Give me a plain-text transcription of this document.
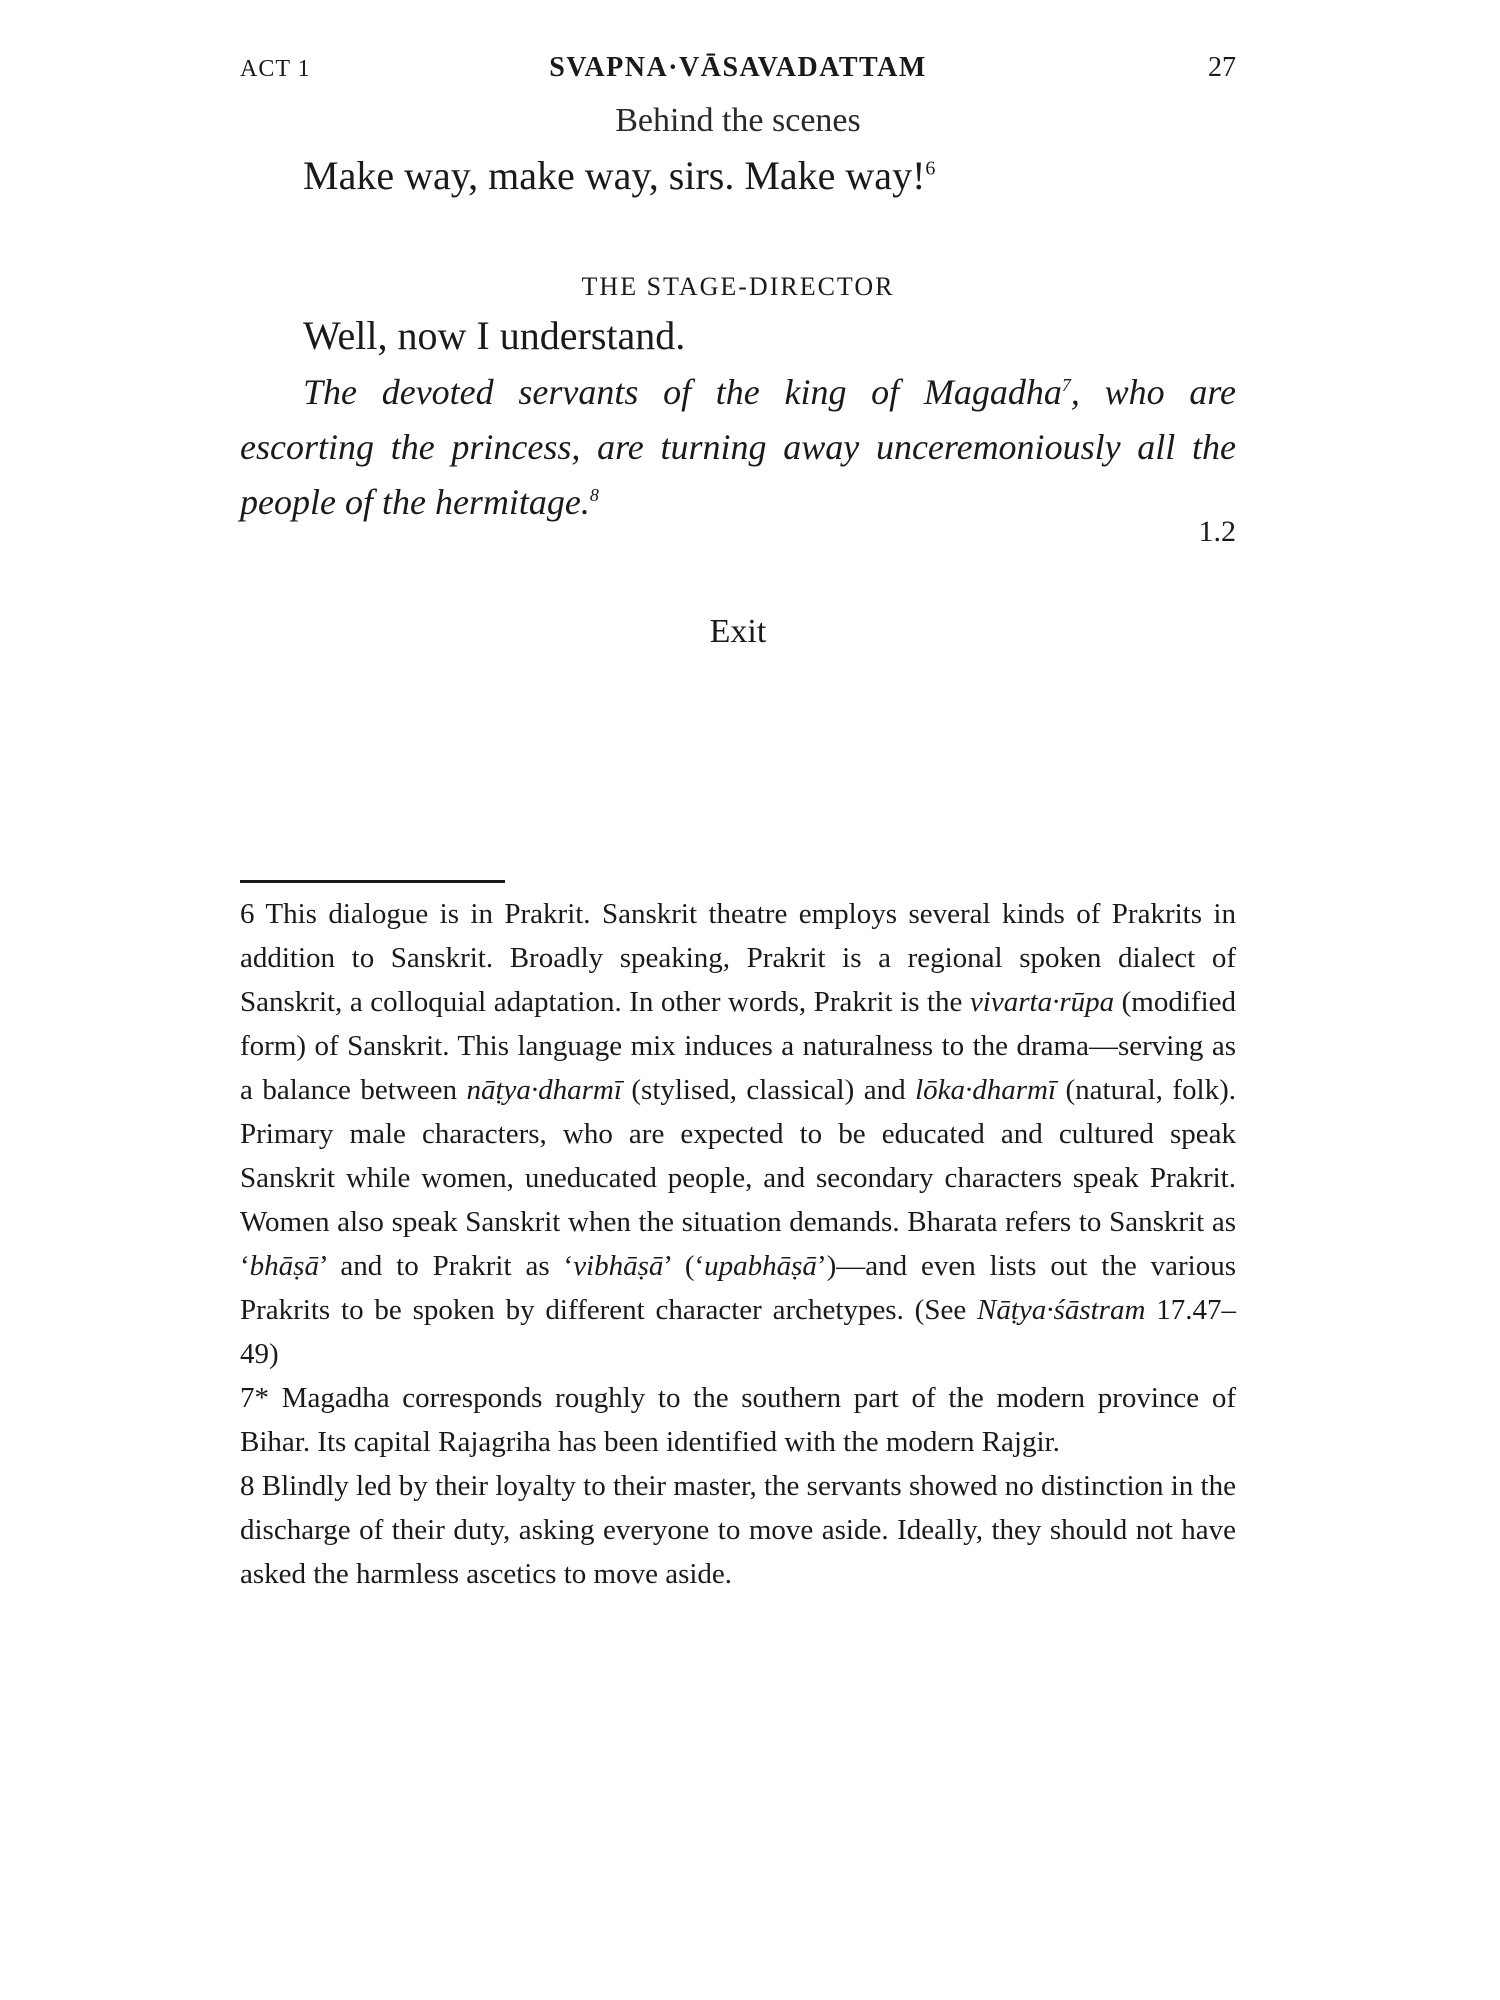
ACT 1	SVAPNA·VĀSAVADATTAM	27
Behind the scenes
Make way, make way, sirs. Make way!$^6$
THE STAGE-DIRECTOR
Well, now I understand.
The devoted servants of the king of Magadha$^7$, who are escorting the princess, are turning away unceremoniously all the people of the hermitage.$^8$
1.2
Exit

6 This dialogue is in Prakrit. Sanskrit theatre employs several kinds of Prakrits in addition to Sanskrit. Broadly speaking, Prakrit is a regional spoken dialect of Sanskrit, a colloquial adaptation. In other words, Prakrit is the vivarta·rūpa (modified form) of Sanskrit. This language mix induces a naturalness to the drama—serving as a balance between nāṭya·dharmī (stylised, classical) and lōka·dharmī (natural, folk). Primary male characters, who are expected to be educated and cultured speak Sanskrit while women, uneducated people, and secondary characters speak Prakrit. Women also speak Sanskrit when the situation demands. Bharata refers to Sanskrit as ‘bhāṣā’ and to Prakrit as ‘vibhāṣā’ (‘upabhāṣā’)—and even lists out the various Prakrits to be spoken by different character archetypes. (See Nāṭya·śāstram 17.47–49)

7* Magadha corresponds roughly to the southern part of the modern province of Bihar. Its capital Rajagriha has been identified with the modern Rajgir.

8 Blindly led by their loyalty to their master, the servants showed no distinction in the discharge of their duty, asking everyone to move aside. Ideally, they should not have asked the harmless ascetics to move aside.
